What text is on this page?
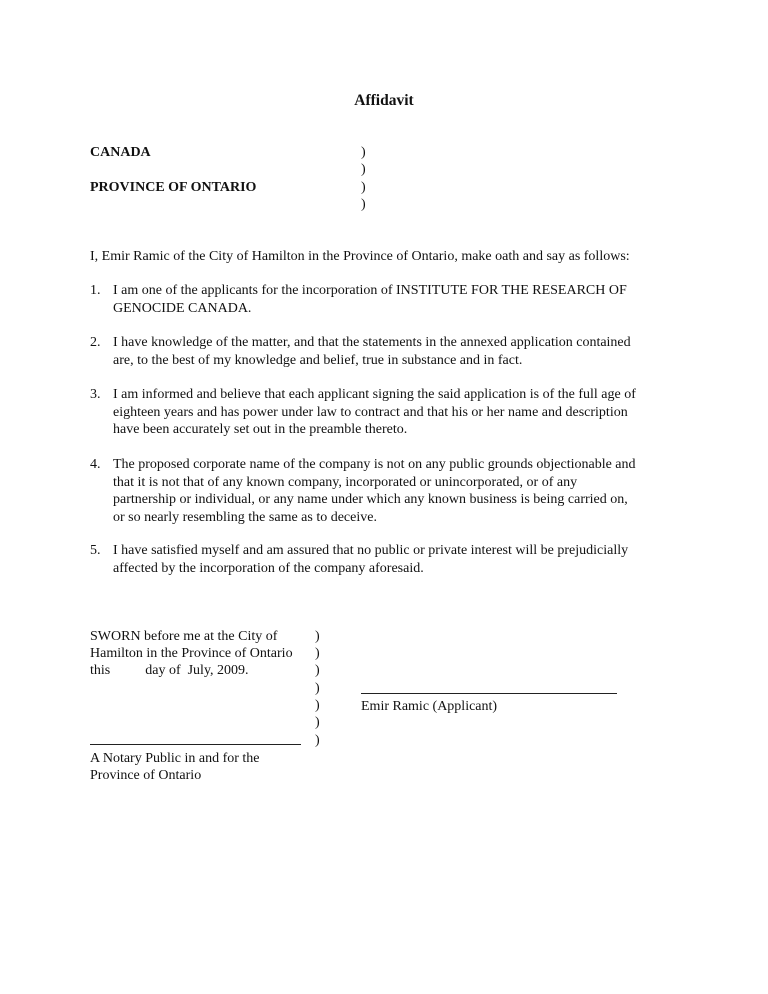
Affidavit
CANADA
PROVINCE OF ONTARIO
)
)
)
)
I, Emir Ramic of the City of Hamilton in the Province of Ontario, make oath and say as follows:
1. I am one of the applicants for the incorporation of INSTITUTE FOR THE RESEARCH OF
GENOCIDE CANADA.
2. I have knowledge of the matter, and that the statements in the annexed application contained
are, to the best of my knowledge and belief, true in substance and in fact.
3. I am informed and believe that each applicant signing the said application is of the full age of
eighteen years and has power under law to contract and that his or her name and description
have been accurately set out in the preamble thereto.
4. The proposed corporate name of the company is not on any public grounds objectionable and
that it is not that of any known company, incorporated or unincorporated, or of any
partnership or individual, or any name under which any known business is being carried on,
or so nearly resembling the same as to deceive.
5. I have satisfied myself and am assured that no public or private interest will be prejudicially
affected by the incorporation of the company aforesaid.
SWORN before me at the City of
Hamilton in the Province of Ontario
this          day of  July, 2009.
)
)
)
)
)
)
)
A Notary Public in and for the
Province of Ontario
Emir Ramic (Applicant)
